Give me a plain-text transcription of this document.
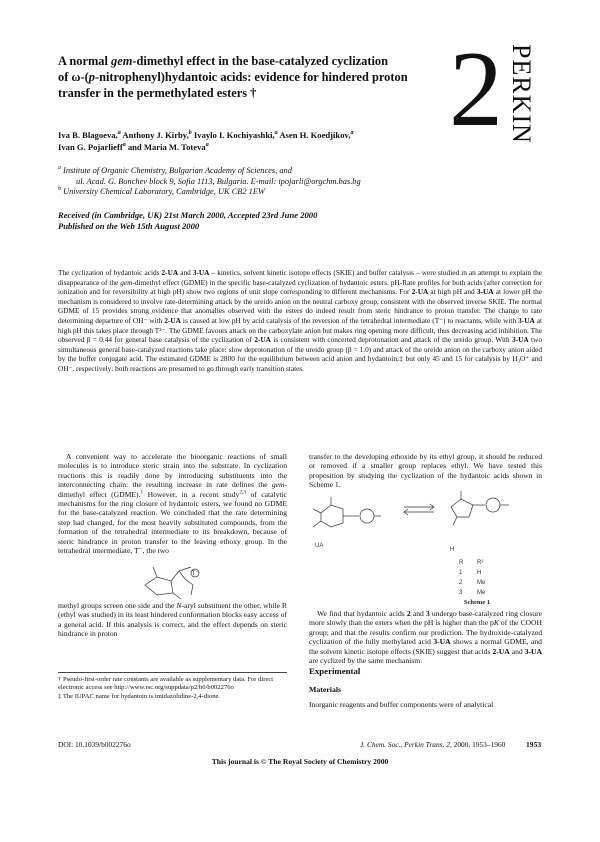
A normal gem-dimethyl effect in the base-catalyzed cyclization
of ω-(p-nitrophenyl)hydantoic acids: evidence for hindered proton
transfer in the permethylated esters †	2 PERKIN
Iva B. Blagoeva,$^a$ Anthony J. Kirby,$^b$ Ivaylo I. Kochiyashki,$^a$ Asen H. Koedjikov,$^a$
Ivan G. Pojarlieff$^a$ and Maria M. Toteva$^a$
$^a$ Institute of Organic Chemistry, Bulgarian Academy of Sciences, and
ul. Acad. G. Bonchev block 9, Sofia 1113, Bulgaria. E-mail: ipojarli@orgchm.bas.bg
$^b$ University Chemical Laboratory, Cambridge, UK CB2 1EW
Received (in Cambridge, UK) 21st March 2000, Accepted 23rd June 2000
Published on the Web 15th August 2000
The cyclization of hydantoic acids 2-UA and 3-UA – kinetics, solvent kinetic isotope effects (SKIE) and buffer catalysis – were studied in an attempt to explain the disappearance of the gem-dimethyl effect (GDME) in the specific base-catalyzed cyclization of hydantoic esters. pH-Rate profiles for both acids (after correction for ionization and for reversibility at high pH) show two regions of unit slope corresponding to different mechanisms. For 2-UA at high pH and 3-UA at lower pH the mechanism is considered to involve rate-determining attack by the ureido anion on the neutral carboxy group, consistent with the observed inverse SKIE. The normal GDME of 15 provides strong evidence that anomalies observed with the esters do indeed result from steric hindrance to proton transfer. The change to rate determining departure of OH⁻ with 2-UA is caused at low pH by acid catalysis of the reversion of the tetrahedral intermediate (T⁻) to reactants, while with 3-UA at high pH this takes place through T²⁻. The GDME favours attack on the carboxylate anion but makes ring opening more difficult, thus decreasing acid inhibition. The observed β = 0.44 for general base catalysis of the cyclization of 2-UA is consistent with concerted deprotonation and attack of the ureido group. With 3-UA two simultaneous general base-catalyzed reactions take place: slow deprotonation of the ureido group (β = 1.0) and attack of the ureide anion on the carboxy anion aided by the buffer conjugate acid. The estimated GDME is 2800 for the equilibrium between acid anion and hydantoin,‡ but only 45 and 15 for catalysis by H₃O⁺ and OH⁻, respectively: both reactions are presumed to go through early transition states.
A convenient way to accelerate the bioorganic reactions of small molecules is to introduce steric strain into the substrate. In cyclization reactions this is readily done by introducing substituents into the interconnecting chain: the resulting increase in rate defines the gem-dimethyl effect (GDME).$^1$ However, in a recent study$^{2,3}$ of catalytic mechanisms for the ring closure of hydantoic esters, we found no GDME for the base-catalyzed reaction. We concluded that the rate determining step had changed, for the most heavily substituted compounds, from the formation of the tetrahedral intermediate to its breakdown, because of steric hindrance in proton transfer to the leaving ethoxy group. In the tetrahedral intermediate, T⁻, the two
T⁻
methyl groups screen one side and the N-aryl substituent the other, while R (ethyl was studied) in its least hindered conformation blocks easy access of a general acid. If this analysis is correct, and the effect depends on steric hindrance in proton
transfer to the developing ethoxide by its ethyl group, it should be reduced or removed if a smaller group replaces ethyl. We have tested this proposition by studying the cyclization of the hydantoic acids shown in Scheme 1.
UA
H
R R²
1 H
2 Me
3 Me
Scheme 1
We find that hydantoic acids 2 and 3 undergo base-catalyzed ring closure more slowly than the esters when the pH is higher than the pK of the COOH group; and that the results confirm our prediction. The hydroxide-catalyzed cyclization of the fully methylated acid 3-UA shows a normal GDME, and the solvent kinetic isotope effects (SKIE) suggest that acids 2-UA and 3-UA are cyclized by the same mechanism.
† Pseudo-first-order rate constants are available as supplementary data. For direct electronic access see http://www.rsc.org/suppdata/p2/b0/b002276o
‡ The IUPAC name for hydantoin is imidazolidine-2,4-dione.
Experimental
Materials
Inorganic reagents and buffer components were of analytical
DOI: 10.1039/b002276o	J. Chem. Soc., Perkin Trans. 2, 2000, 1953–1960	1953
This journal is © The Royal Society of Chemistry 2000
